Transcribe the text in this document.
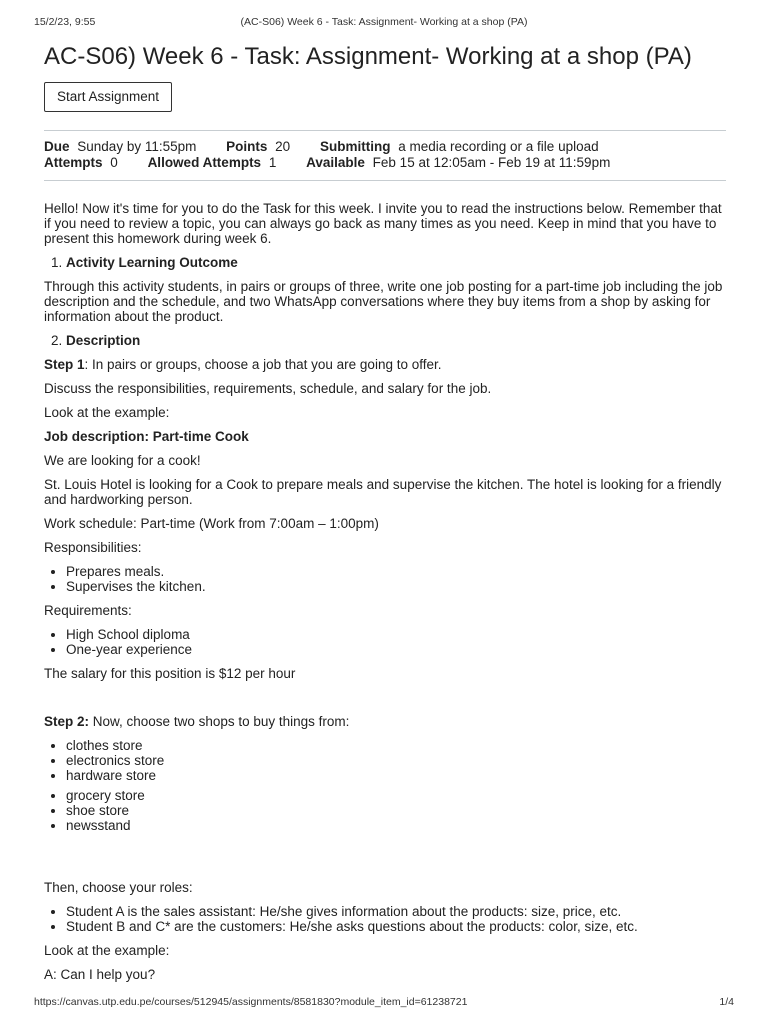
15/2/23, 9:55	(AC-S06) Week 6 - Task: Assignment- Working at a shop (PA)
AC-S06) Week 6 - Task: Assignment- Working at a shop (PA)
Start Assignment
Due Sunday by 11:55pm Points 20 Submitting a media recording or a file upload
Attempts 0 Allowed Attempts 1 Available Feb 15 at 12:05am - Feb 19 at 11:59pm

Hello! Now it's time for you to do the Task for this week. I invite you to read the instructions below. Remember that if you need to review a topic, you can always go back as many times as you need. Keep in mind that you have to present this homework during week 6.

1. Activity Learning Outcome

Through this activity students, in pairs or groups of three, write one job posting for a part-time job including the job description and the schedule, and two WhatsApp conversations where they buy items from a shop by asking for information about the product.

2. Description

Step 1: In pairs or groups, choose a job that you are going to offer.

Discuss the responsibilities, requirements, schedule, and salary for the job.

Look at the example:

Job description: Part-time Cook

We are looking for a cook!

St. Louis Hotel is looking for a Cook to prepare meals and supervise the kitchen. The hotel is looking for a friendly and hardworking person.

Work schedule: Part-time (Work from 7:00am – 1:00pm)

Responsibilities:

• Prepares meals.
• Supervises the kitchen.

Requirements:

• High School diploma
• One-year experience

The salary for this position is $12 per hour

Step 2: Now, choose two shops to buy things from:

• clothes store
• electronics store
• hardware store
• grocery store
• shoe store
• newsstand

Then, choose your roles:

• Student A is the sales assistant: He/she gives information about the products: size, price, etc.
• Student B and C* are the customers: He/she asks questions about the products: color, size, etc.

Look at the example:

A: Can I help you?

https://canvas.utp.edu.pe/courses/512945/assignments/8581830?module_item_id=61238721	1/4
